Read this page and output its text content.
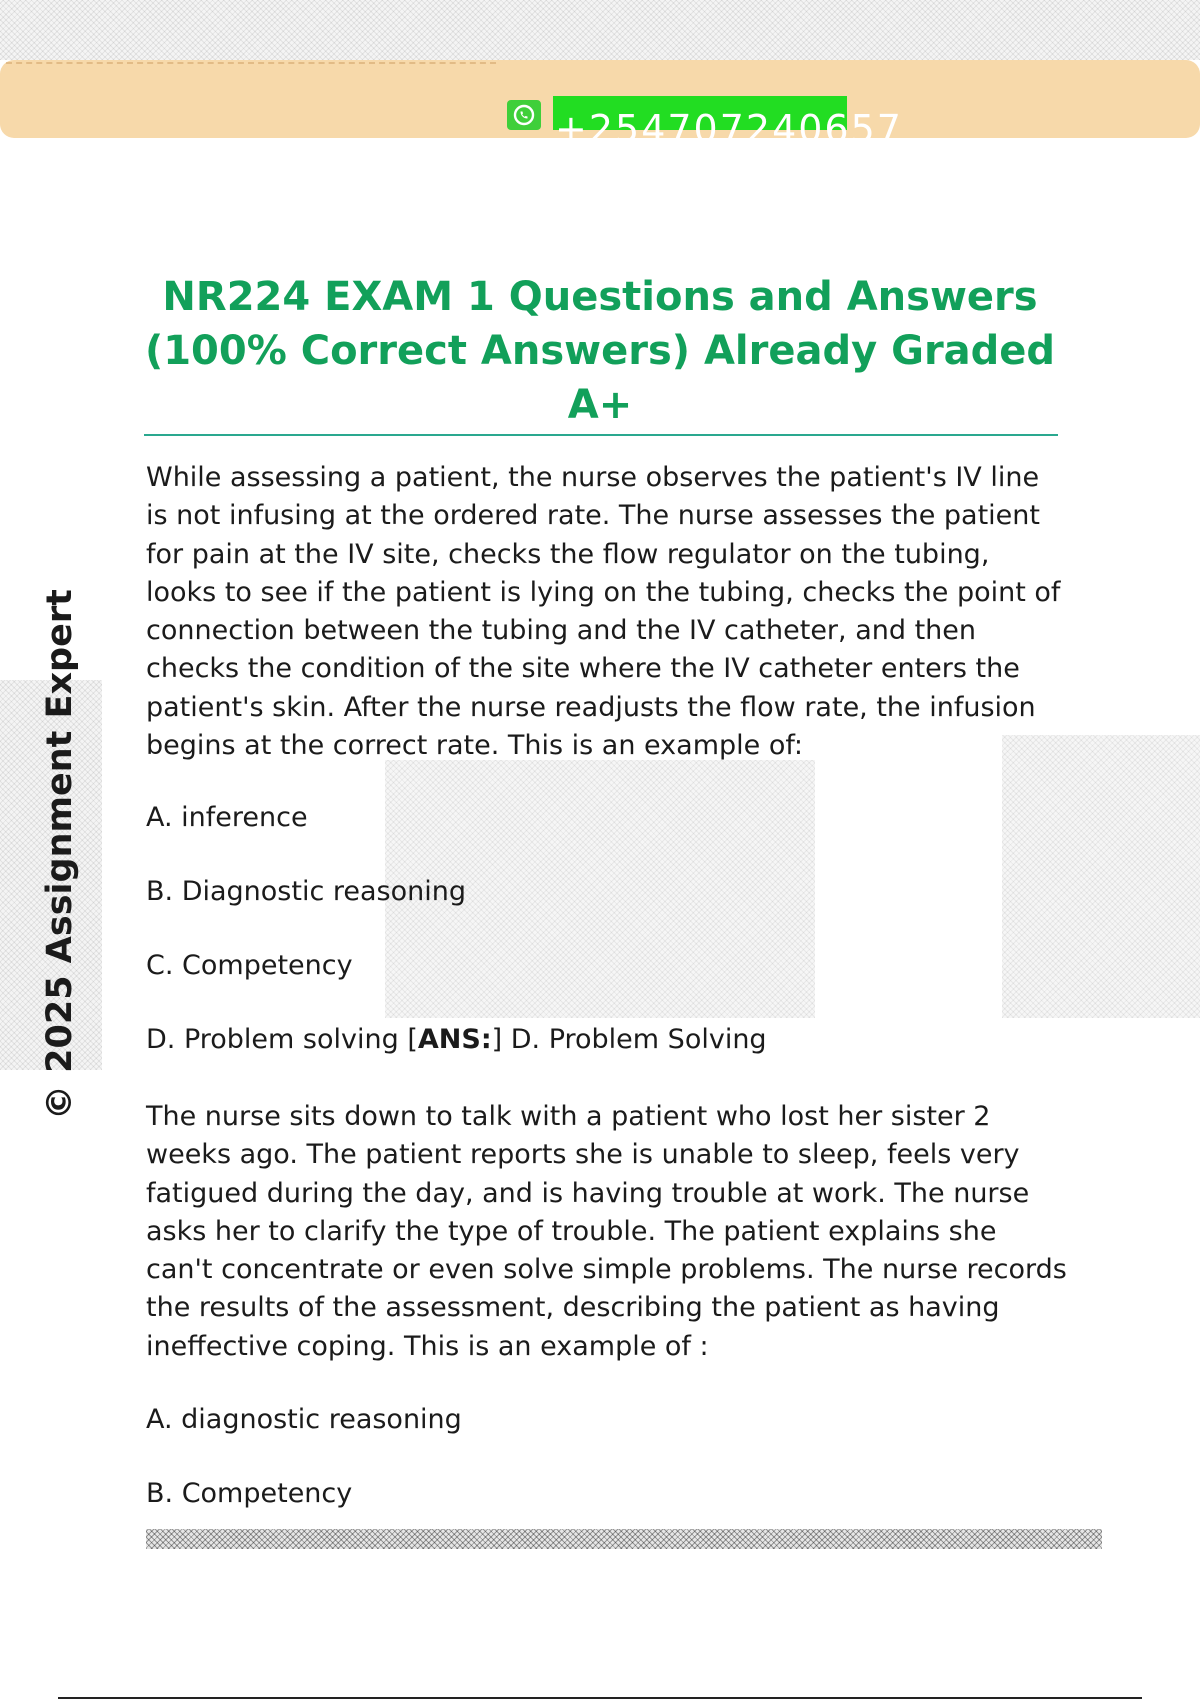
+254707240657
NR224 EXAM 1 Questions and Answers (100% Correct Answers) Already Graded A+
© 2025 Assignment Expert

While assessing a patient, the nurse observes the patient's IV line is not infusing at the ordered rate. The nurse assesses the patient for pain at the IV site, checks the flow regulator on the tubing, looks to see if the patient is lying on the tubing, checks the point of connection between the tubing and the IV catheter, and then checks the condition of the site where the IV catheter enters the patient's skin. After the nurse readjusts the flow rate, the infusion begins at the correct rate. This is an example of:

A. inference

B. Diagnostic reasoning

C. Competency

D. Problem solving [ANS:] D. Problem Solving

The nurse sits down to talk with a patient who lost her sister 2 weeks ago. The patient reports she is unable to sleep, feels very fatigued during the day, and is having trouble at work. The nurse asks her to clarify the type of trouble. The patient explains she can't concentrate or even solve simple problems. The nurse records the results of the assessment, describing the patient as having ineffective coping. This is an example of :

A. diagnostic reasoning

B. Competency
